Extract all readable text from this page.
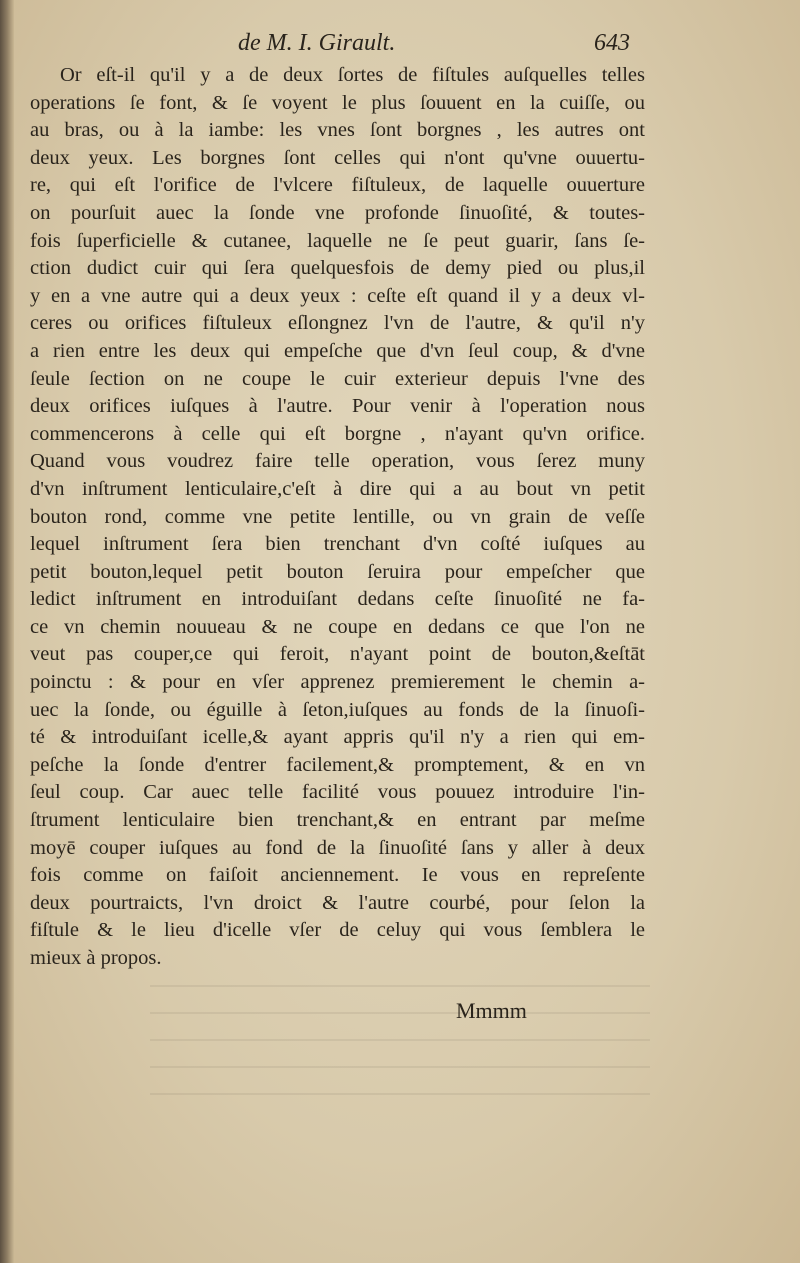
de M. I. Girault.	643
Or eſt-il qu'il y a de deux ſortes de fiſtules auſquelles telles
operations ſe font, & ſe voyent le plus ſouuent en la cuiſſe, ou
au bras, ou à la iambe: les vnes ſont borgnes , les autres ont
deux yeux. Les borgnes ſont celles qui n'ont qu'vne ouuertu-
re, qui eſt l'orifice de l'vlcere fiſtuleux, de laquelle ouuerture
on pourſuit auec la ſonde vne profonde ſinuoſité, & toutes-
fois ſuperficielle & cutanee, laquelle ne ſe peut guarir, ſans ſe-
ction dudict cuir qui ſera quelquesfois de demy pied ou plus,il
y en a vne autre qui a deux yeux : ceſte eſt quand il y a deux vl-
ceres ou orifices fiſtuleux eſlongnez l'vn de l'autre, & qu'il n'y
a rien entre les deux qui empeſche que d'vn ſeul coup, & d'vne
ſeule ſection on ne coupe le cuir exterieur depuis l'vne des
deux orifices iuſques à l'autre. Pour venir à l'operation nous
commencerons à celle qui eſt borgne , n'ayant qu'vn orifice.
Quand vous voudrez faire telle operation, vous ſerez muny
d'vn inſtrument lenticulaire,c'eſt à dire qui a au bout vn petit
bouton rond, comme vne petite lentille, ou vn grain de veſſe
lequel inſtrument ſera bien trenchant d'vn coſté iuſques au
petit bouton,lequel petit bouton ſeruira pour empeſcher que
ledict inſtrument en introduiſant dedans ceſte ſinuoſité ne fa-
ce vn chemin nouueau & ne coupe en dedans ce que l'on ne
veut pas couper,ce qui feroit, n'ayant point de bouton,&eſtāt
poinctu : & pour en vſer apprenez premierement le chemin a-
uec la ſonde, ou éguille à ſeton,iuſques au fonds de la ſinuoſi-
té & introduiſant icelle,& ayant appris qu'il n'y a rien qui em-
peſche la ſonde d'entrer facilement,& promptement, & en vn
ſeul coup. Car auec telle facilité vous pouuez introduire l'in-
ſtrument lenticulaire bien trenchant,& en entrant par meſme
moyē couper iuſques au fond de la ſinuoſité ſans y aller à deux
fois comme on faiſoit anciennement. Ie vous en repreſente
deux pourtraicts, l'vn droict & l'autre courbé, pour ſelon la
fiſtule & le lieu d'icelle vſer de celuy qui vous ſemblera le
mieux à propos.
Mmmm
